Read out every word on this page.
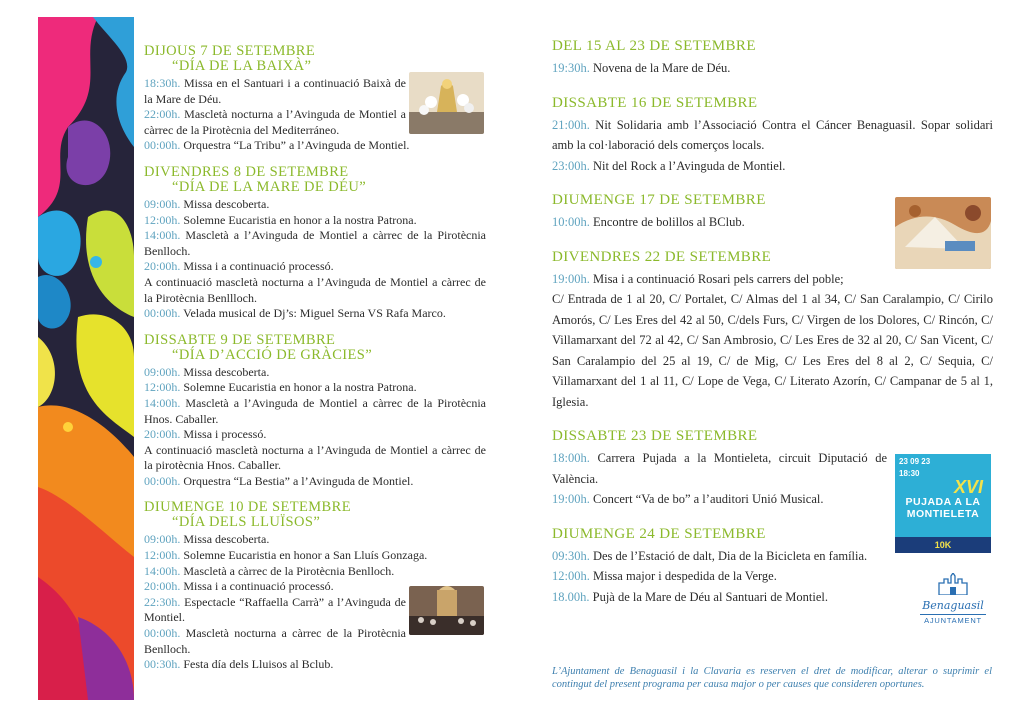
DIJOUS 7 DE SETEMBRE
“DÍA DE LA BAIXÀ”
18:30h. Missa en el Santuari i a continuació Baixà de la Mare de Déu.
22:00h. Mascletà nocturna a l’Avinguda de Montiel a càrrec de la Pirotècnia del Mediterráneo.
00:00h. Orquestra “La Tribu” a l’Avinguda de Montiel.
DIVENDRES 8 DE SETEMBRE
“DÍA DE LA MARE DE DÉU”
09:00h. Missa descoberta.
12:00h. Solemne Eucaristia en honor a la nostra Patrona.
14:00h. Mascletà a l’Avinguda de Montiel a càrrec de la Pirotècnia Benlloch.
20:00h. Missa i a continuació processó.
A continuació mascletà nocturna a l’Avinguda de Montiel a càrrec de la Pirotècnia Benllloch.
00:00h. Velada musical de Dj’s: Miguel Serna VS Rafa Marco.
DISSABTE 9 DE SETEMBRE
“DÍA D’ACCIÓ DE GRÀCIES”
09:00h. Missa descoberta.
12:00h. Solemne Eucaristia en honor a la nostra Patrona.
14:00h. Mascletà a l’Avinguda de Montiel a càrrec de la Pirotècnia Hnos. Caballer.
20:00h. Missa i processó.
A continuació mascletà nocturna a l’Avinguda de Montiel a càrrec de la pirotècnia Hnos. Caballer.
00:00h. Orquestra “La Bestia” a l’Avinguda de Montiel.
DIUMENGE 10 DE SETEMBRE
“DÍA DELS LLUÏSOS”
09:00h. Missa descoberta.
12:00h. Solemne Eucaristia en honor a San Lluís Gonzaga.
14:00h. Mascletà a càrrec de la Pirotècnia Benlloch.
20:00h. Missa i a continuació processó.
22:30h. Espectacle “Raffaella Carrà” a l’Avinguda de Montiel.
00:00h. Mascletà nocturna a càrrec de la Pirotècnia Benlloch.
00:30h. Festa día dels Lluisos al Bclub.
DEL 15 AL 23 DE SETEMBRE
19:30h. Novena de la Mare de Déu.
DISSABTE 16 DE SETEMBRE
21:00h. Nit Solidaria amb l’Associació Contra el Cáncer Benaguasil. Sopar solidari amb la col·laboració dels comerços locals.
23:00h. Nit del Rock a l’Avinguda de Montiel.
DIUMENGE 17 DE SETEMBRE
10:00h. Encontre de bolillos al BClub.
DIVENDRES 22 DE SETEMBRE
19:00h. Misa i a continuació Rosari pels carrers del poble;
C/ Entrada de 1 al 20, C/ Portalet, C/ Almas del 1 al 34, C/ San Caralampio, C/ Cirilo Amorós, C/ Les Eres del 42 al 50, C/dels Furs, C/ Virgen de los Dolores, C/ Rincón, C/ Villamarxant del 72 al 42, C/ San Ambrosio, C/ Les Eres de 32 al 20, C/ San Vicent, C/ San Caralampio del 25 al 19, C/ de Mig, C/ Les Eres del 8 al 2, C/ Sequia, C/ Villamarxant del 1 al 11, C/ Lope de Vega, C/ Literato Azorín, C/ Campanar de 5 al 1, Iglesia.
DISSABTE 23 DE SETEMBRE
18:00h. Carrera Pujada a la Montieleta, circuit Diputació de València.
19:00h. Concert “Va de bo” a l’auditori Unió Musical.
DIUMENGE 24 DE SETEMBRE
09:30h. Des de l’Estació de dalt, Dia de la Bicicleta en família.
12:00h. Missa major i despedida de la Verge.
18.00h. Pujà de la Mare de Déu al Santuari de Montiel.
23 09 23
18:30
XVI
PUJADA A LA
MONTIELETA
10K
Benaguasil
AJUNTAMENT
L’Ajuntament de Benaguasil i la Clavaria es reserven el dret de modificar, alterar o suprimir el contingut del present programa per causa major o per causes que consideren oportunes.
